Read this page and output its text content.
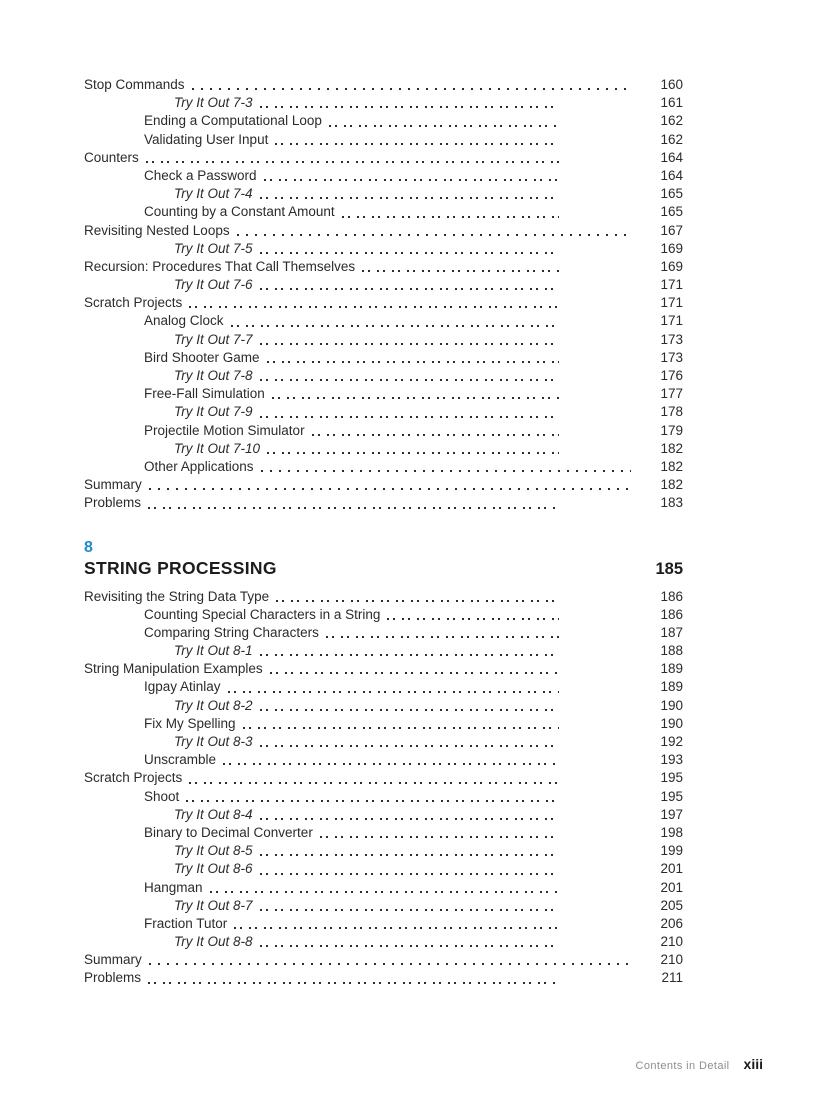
Stop Commands	160
Try It Out 7-3	161
Ending a Computational Loop	162
Validating User Input	162
Counters	164
Check a Password	164
Try It Out 7-4	165
Counting by a Constant Amount	165
Revisiting Nested Loops	167
Try It Out 7-5	169
Recursion: Procedures That Call Themselves	169
Try It Out 7-6	171
Scratch Projects	171
Analog Clock	171
Try It Out 7-7	173
Bird Shooter Game	173
Try It Out 7-8	176
Free-Fall Simulation	177
Try It Out 7-9	178
Projectile Motion Simulator	179
Try It Out 7-10	182
Other Applications	182
Summary	182
Problems	183
8
STRING PROCESSING	185
Revisiting the String Data Type	186
Counting Special Characters in a String	186
Comparing String Characters	187
Try It Out 8-1	188
String Manipulation Examples	189
Igpay Atinlay	189
Try It Out 8-2	190
Fix My Spelling	190
Try It Out 8-3	192
Unscramble	193
Scratch Projects	195
Shoot	195
Try It Out 8-4	197
Binary to Decimal Converter	198
Try It Out 8-5	199
Try It Out 8-6	201
Hangman	201
Try It Out 8-7	205
Fraction Tutor	206
Try It Out 8-8	210
Summary	210
Problems	211
Contents in Detail xiii
